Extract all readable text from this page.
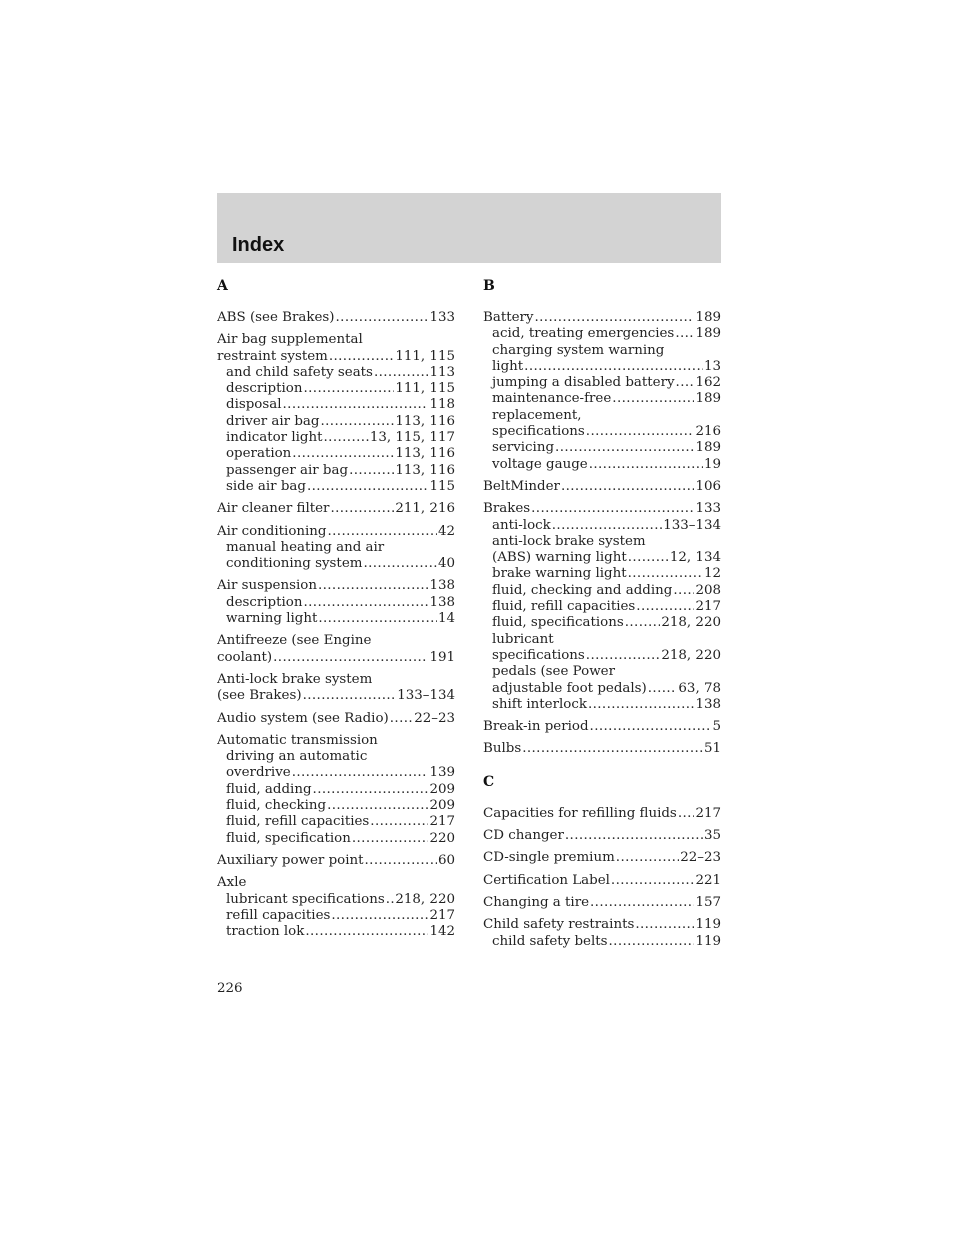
Index
A
ABS (see Brakes) .....	133
Air bag supplemental
restraint system .....	111, 115
and child safety seats .....	113
description .....	111, 115
disposal .....	118
driver air bag .....	113, 116
indicator light .....	13, 115, 117
operation .....	113, 116
passenger air bag .....	113, 116
side air bag .....	115
Air cleaner filter .....	211, 216
Air conditioning .....	42
manual heating and air
conditioning system .....	40
Air suspension .....	138
description .....	138
warning light .....	14
Antifreeze (see Engine
coolant) .....	191
Anti-lock brake system
(see Brakes) .....	133–134
Audio system (see Radio) ..... 22–23
Automatic transmission
driving an automatic
overdrive .....	139
fluid, adding .....	209
fluid, checking .....	209
fluid, refill capacities .....	217
fluid, specification .....	220
Auxiliary power point .....	60
Axle
lubricant specifications ..... 218, 220
refill capacities .....	217
traction lok .....	142
B
Battery .....	189
acid, treating emergencies ..... 189
charging system warning
light .....	13
jumping a disabled battery ..... 162
maintenance-free .....	189
replacement,
specifications .....	216
servicing .....	189
voltage gauge .....	19
BeltMinder .....	106
Brakes .....	133
anti-lock .....	133–134
anti-lock brake system
(ABS) warning light .....	12, 134
brake warning light .....	12
fluid, checking and adding ..... 208
fluid, refill capacities .....	217
fluid, specifications .....	218, 220
lubricant
specifications .....	218, 220
pedals (see Power
adjustable foot pedals) ..... 63, 78
shift interlock .....	138
Break-in period .....	5
Bulbs .....	51
C
Capacities for refilling fluids ..... 217
CD changer .....	35
CD-single premium .....	22–23
Certification Label .....	221
Changing a tire .....	157
Child safety restraints .....	119
child safety belts .....	119
226
